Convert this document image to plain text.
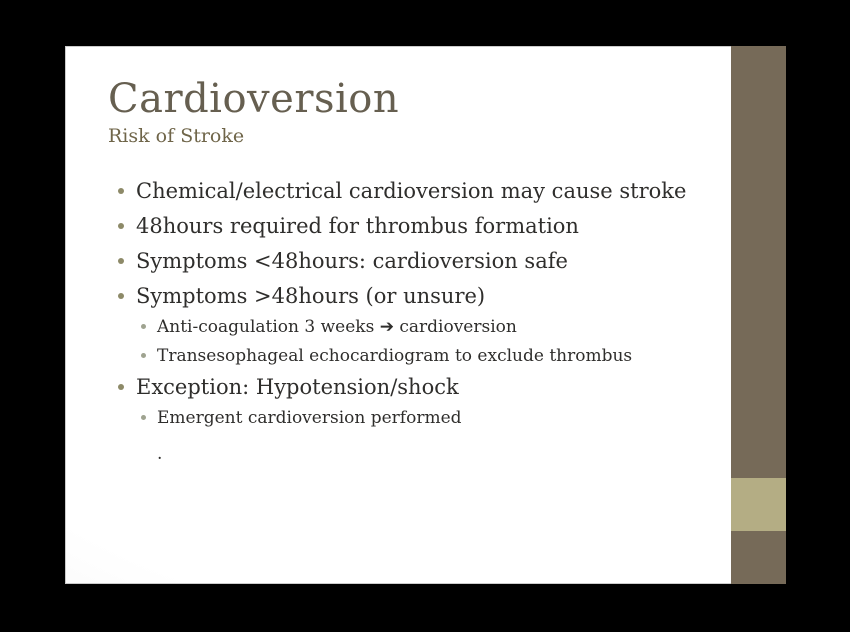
Cardioversion
Risk of Stroke
Chemical/electrical cardioversion may cause stroke
48hours required for thrombus formation
Symptoms <48hours: cardioversion safe
Symptoms >48hours (or unsure)
Anti-coagulation 3 weeks ➔ cardioversion
Transesophageal echocardiogram to exclude thrombus
Exception: Hypotension/shock
Emergent cardioversion performed
.
